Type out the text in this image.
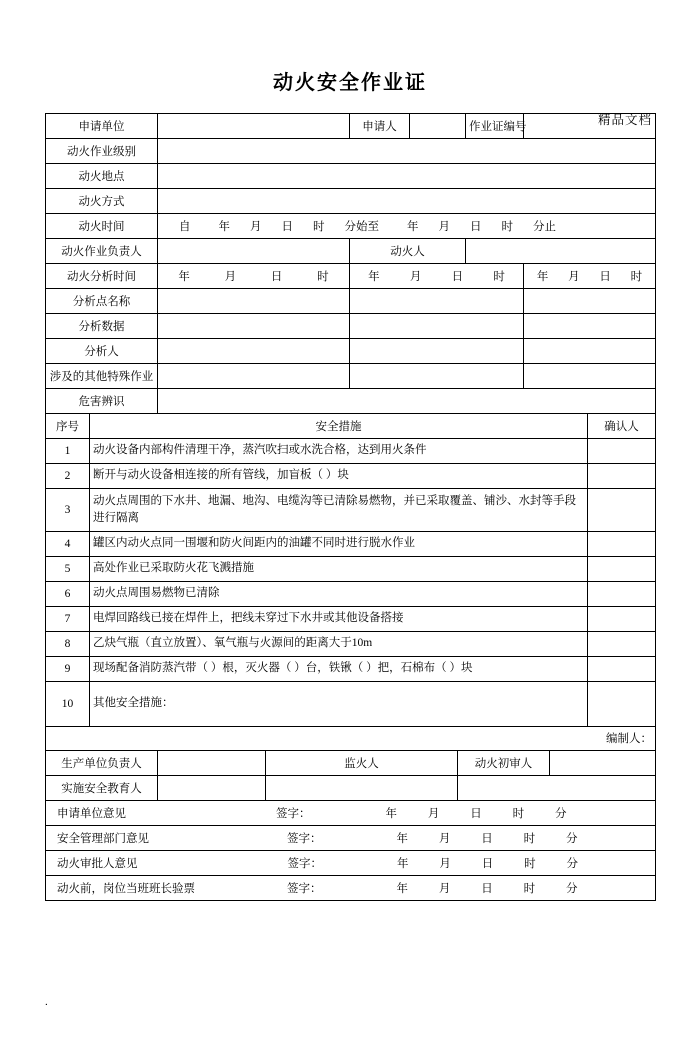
精品文档
动火安全作业证
申请单位		申请人		作业证编号	
动火作业级别					
动火地点					
动火方式					
动火时间	自 年 月 日 时 分始至 年 月 日 时 分止

动火作业负责人		动火人			
动火分析时间	年 月 日 时	年 月 日 时			年 月 日 时

分析点名称					
分析数据					
分析人					
涉及的其他特殊作业					
危害辨识					
序号	安全措施	确认人
1	动火设备内部构件清理干净，蒸汽吹扫或水洗合格，达到用火条件	
2	断开与动火设备相连接的所有管线，加盲板（ ）块	
3	动火点周围的下水井、地漏、地沟、电缆沟等已清除易燃物，并已采取覆盖、铺沙、水封等手段进行隔离	
4	罐区内动火点同一围堰和防火间距内的油罐不同时进行脱水作业	
5	高处作业已采取防火花飞溅措施	
6	动火点周围易燃物已清除	
7	电焊回路线已接在焊件上，把线未穿过下水井或其他设备搭接	
8	乙炔气瓶（直立放置）、氧气瓶与火源间的距离大于10m	
9	现场配备消防蒸汽带（ ）根，灭火器（ ）台，铁锹（ ）把，石棉布（ ）块	
10	其他安全措施：	
编制人：
生产单位负责人		监火人	动火初审人	
实施安全教育人				
申请单位意见	签字：	年	月	日	时	分

安全管理部门意见	签字：	年	月	日	时	分

动火审批人意见	签字：	年	月	日	时	分

动火前，岗位当班班长验票	签字：	年	月	日	时	分
.
